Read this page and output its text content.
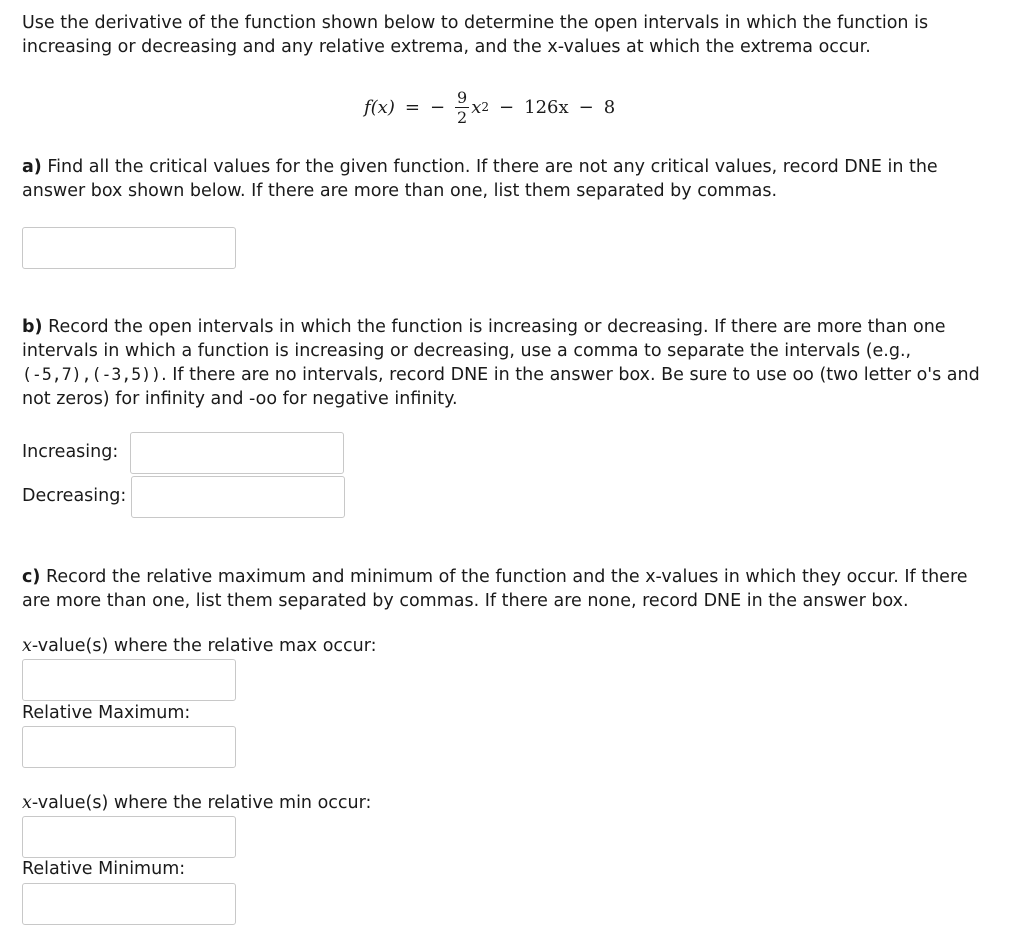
Use the derivative of the function shown below to determine the open intervals in which the function is
increasing or decreasing and any relative extrema, and the x-values at which the extrema occur.

f(x) = − $\frac{9}{2}$ x 2 − 126x − 8

a) Find all the critical values for the given function. If there are not any critical values, record DNE in the
answer box shown below. If there are more than one, list them separated by commas.

b) Record the open intervals in which the function is increasing or decreasing. If there are more than one
intervals in which a function is increasing or decreasing, use a comma to separate the intervals (e.g.,
(-5,7),(-3,5)). If there are no intervals, record DNE in the answer box. Be sure to use oo (two letter o's and
not zeros) for infinity and -oo for negative infinity.

Increasing:

Decreasing:

c) Record the relative maximum and minimum of the function and the x-values in which they occur. If there
are more than one, list them separated by commas. If there are none, record DNE in the answer box.

x-value(s) where the relative max occur:

Relative Maximum:

x-value(s) where the relative min occur:

Relative Minimum:
